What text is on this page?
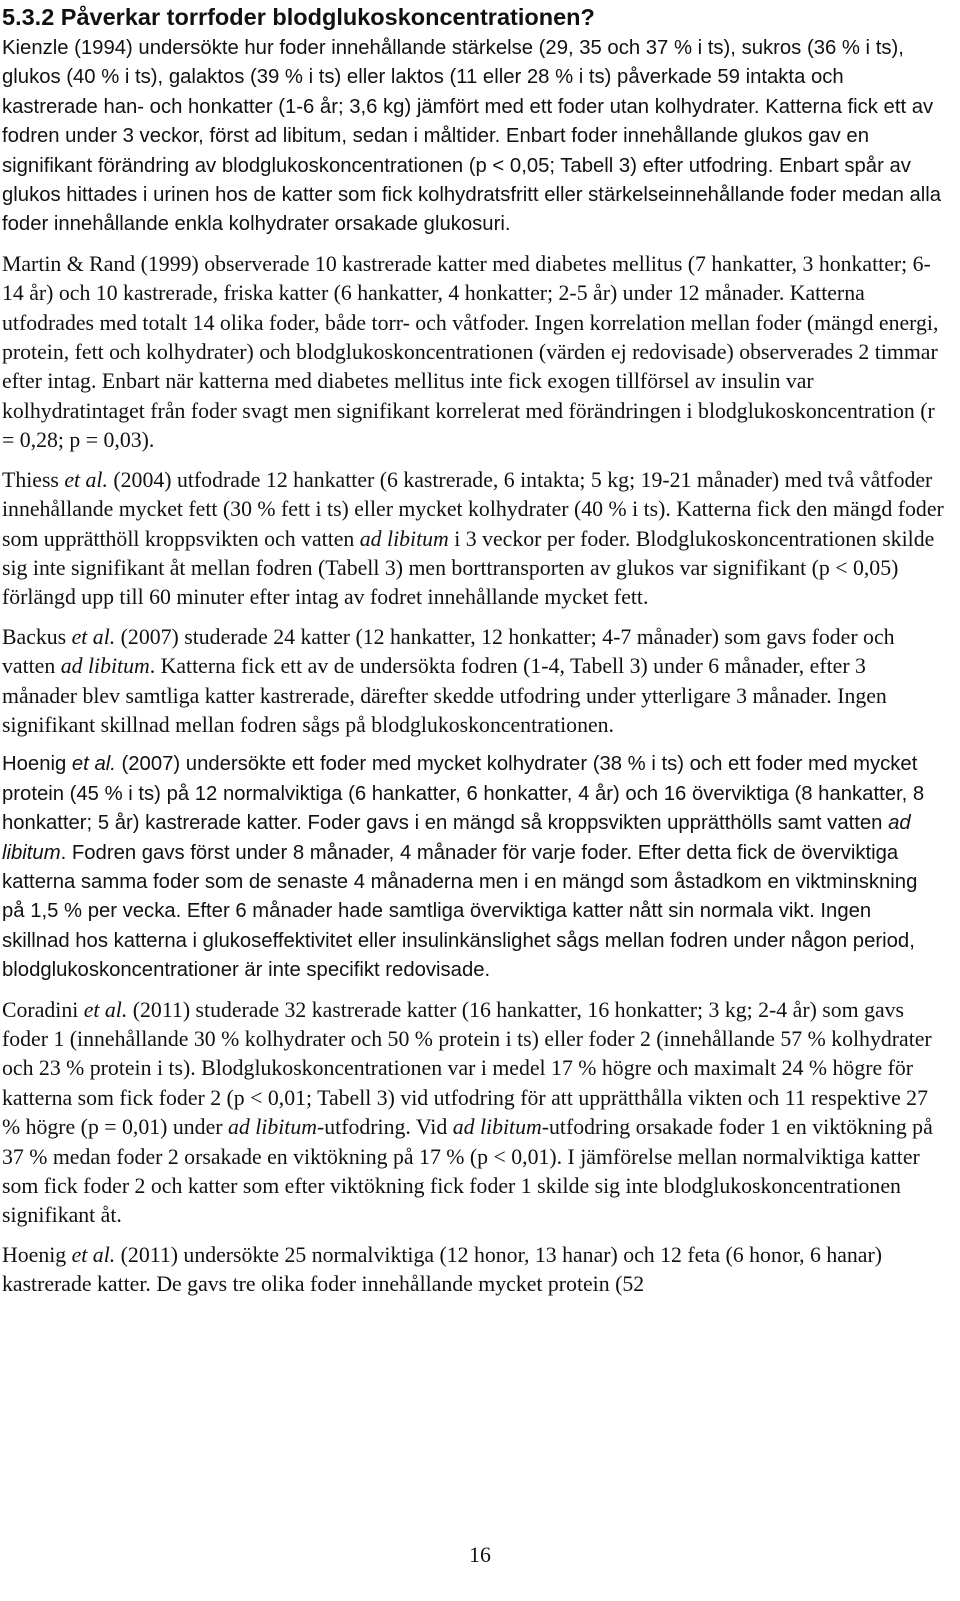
5.3.2 Påverkar torrfoder blodglukoskoncentrationen?

Kienzle (1994) undersökte hur foder innehållande stärkelse (29, 35 och 37 % i ts), sukros (36 % i ts), glukos (40 % i ts), galaktos (39 % i ts) eller laktos (11 eller 28 % i ts) påverkade 59 intakta och kastrerade han- och honkatter (1-6 år; 3,6 kg) jämfört med ett foder utan kolhydrater. Katterna fick ett av fodren under 3 veckor, först ad libitum, sedan i måltider. Enbart foder innehållande glukos gav en signifikant förändring av blodglukoskoncentrationen (p < 0,05; Tabell 3) efter utfodring. Enbart spår av glukos hittades i urinen hos de katter som fick kolhydratsfritt eller stärkelseinnehållande foder medan alla foder innehållande enkla kolhydrater orsakade glukosuri.

Martin & Rand (1999) observerade 10 kastrerade katter med diabetes mellitus (7 hankatter, 3 honkatter; 6-14 år) och 10 kastrerade, friska katter (6 hankatter, 4 honkatter; 2-5 år) under 12 månader. Katterna utfodrades med totalt 14 olika foder, både torr- och våtfoder. Ingen korrelation mellan foder (mängd energi, protein, fett och kolhydrater) och blodglukoskoncentrationen (värden ej redovisade) observerades 2 timmar efter intag. Enbart när katterna med diabetes mellitus inte fick exogen tillförsel av insulin var kolhydratintaget från foder svagt men signifikant korrelerat med förändringen i blodglukoskoncentration (r = 0,28; p = 0,03).

Thiess et al. (2004) utfodrade 12 hankatter (6 kastrerade, 6 intakta; 5 kg; 19-21 månader) med två våtfoder innehållande mycket fett (30 % fett i ts) eller mycket kolhydrater (40 % i ts). Katterna fick den mängd foder som upprätthöll kroppsvikten och vatten ad libitum i 3 veckor per foder. Blodglukoskoncentrationen skilde sig inte signifikant åt mellan fodren (Tabell 3) men borttransporten av glukos var signifikant (p < 0,05) förlängd upp till 60 minuter efter intag av fodret innehållande mycket fett.

Backus et al. (2007) studerade 24 katter (12 hankatter, 12 honkatter; 4-7 månader) som gavs foder och vatten ad libitum. Katterna fick ett av de undersökta fodren (1-4, Tabell 3) under 6 månader, efter 3 månader blev samtliga katter kastrerade, därefter skedde utfodring under ytterligare 3 månader. Ingen signifikant skillnad mellan fodren sågs på blodglukoskoncentrationen.

Hoenig et al. (2007) undersökte ett foder med mycket kolhydrater (38 % i ts) och ett foder med mycket protein (45 % i ts) på 12 normalviktiga (6 hankatter, 6 honkatter, 4 år) och 16 överviktiga (8 hankatter, 8 honkatter; 5 år) kastrerade katter. Foder gavs i en mängd så kroppsvikten upprätthölls samt vatten ad libitum. Fodren gavs först under 8 månader, 4 månader för varje foder. Efter detta fick de överviktiga katterna samma foder som de senaste 4 månaderna men i en mängd som åstadkom en viktminskning på 1,5 % per vecka. Efter 6 månader hade samtliga överviktiga katter nått sin normala vikt. Ingen skillnad hos katterna i glukoseffektivitet eller insulinkänslighet sågs mellan fodren under någon period, blodglukoskoncentrationer är inte specifikt redovisade.

Coradini et al. (2011) studerade 32 kastrerade katter (16 hankatter, 16 honkatter; 3 kg; 2-4 år) som gavs foder 1 (innehållande 30 % kolhydrater och 50 % protein i ts) eller foder 2 (innehållande 57 % kolhydrater och 23 % protein i ts). Blodglukoskoncentrationen var i medel 17 % högre och maximalt 24 % högre för katterna som fick foder 2 (p < 0,01; Tabell 3) vid utfodring för att upprätthålla vikten och 11 respektive 27 % högre (p = 0,01) under ad libitum-utfodring. Vid ad libitum-utfodring orsakade foder 1 en viktökning på 37 % medan foder 2 orsakade en viktökning på 17 % (p < 0,01). I jämförelse mellan normalviktiga katter som fick foder 2 och katter som efter viktökning fick foder 1 skilde sig inte blodglukoskoncentrationen signifikant åt.

Hoenig et al. (2011) undersökte 25 normalviktiga (12 honor, 13 hanar) och 12 feta (6 honor, 6 hanar) kastrerade katter. De gavs tre olika foder innehållande mycket protein (52

16
